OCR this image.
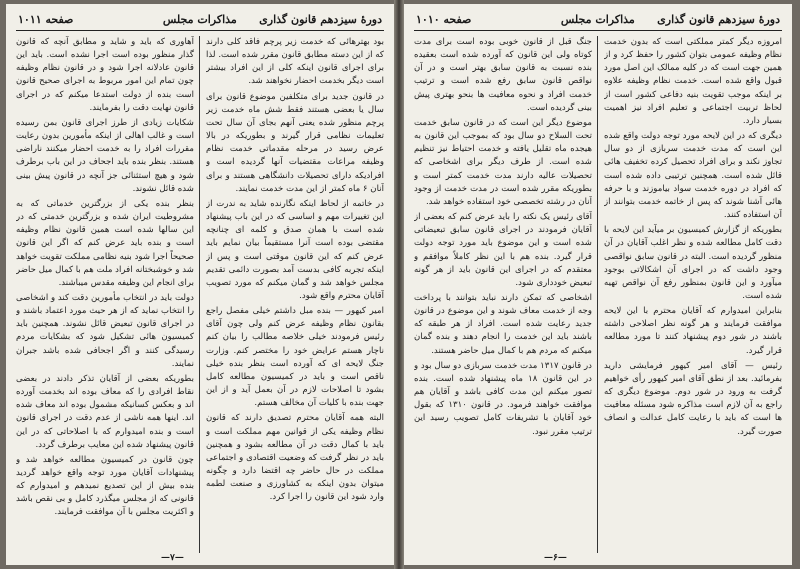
دورۀ سیزدهم قانون گذاری
مذاکرات مجلس
صفحه ۱۰۱۱

بود بهترهائی که خدمت زیر پرچم فاقد کلی دارند که از این دسته مطابق قانون مقرر شده است. لذا برای اجرای قانون اینکه کلی از این افراد بیشتر است دیگر بخدمت احضار نخواهند شد.

در قانون جدید برای متکلفین موضوع قانون برای سال یا بعضی هستند فقط شش ماه خدمت زیر پرچم منظور شده یعنی آنهم بجای آن سال تحت تعلیمات نظامی قرار گیرند و بطوریکه در بالا عرض رسید در مرحله مقدماتی خدمت نظام وظیفه مراعات مقتضیات آنها گردیده است و افرادیکه دارای تحصیلات دانشگاهی هستند و برای آنان ۶ ماه کمتر از این مدت خدمت نمایند.

در خاتمه از لحاظ اینکه نگارنده شاید به ندرت از این تغییرات مهم و اساسی که در این باب پیشنهاد شده است با همان صدق و کلمه ای چنانچه مقتضی بوده است آنرا مستقیماً بیان نمایم باید عرض کنم که این قانون موقتی است و پس از اینکه تجربه کافی بدست آمد بصورت دائمی تقدیم مجلس خواهد شد و گمان میکنم که مورد تصویب آقایان محترم واقع شود.

امیر کیهور — بنده مبل داشتم خیلی مفصل راجع بقانون نظام وظیفه عرض کنم ولی چون آقای رئیس فرمودند خیلی خلاصه مطالب را بیان کنم ناچار هستم عرایض خود را مختصر کنم. وزارت جنگ لایحه ای که آورده است بنظر بنده خیلی ناقص است و باید در کمیسیون مطالعه کامل بشود تا اصلاحات لازم در آن بعمل آید و از این جهت بنده با کلیات آن مخالف هستم.

البته همه آقایان محترم تصدیق دارند که قانون نظام وظیفه یکی از قوانین مهم مملکت است و باید با کمال دقت در آن مطالعه بشود و همچنین باید در نظر گرفت که وضعیت اقتصادی و اجتماعی مملکت در حال حاضر چه اقتضا دارد و چگونه میتوان بدون اینکه به کشاورزی و صنعت لطمه وارد شود این قانون را اجرا کرد.

آهاوری که باید و شاید و مطابق آنچه که قانون گذار منظور بوده است اجرا نشده است. باید این قانون عادلانه اجرا شود و در قانون نظام وظیفه چون تمام این امور مربوط به اجرای صحیح قانون است بنده از دولت استدعا میکنم که در اجرای قانون نهایت دقت را بفرمایند.

شکایات زیادی از طرز اجرای قانون بمن رسیده است و غالب اهالی از اینکه مأمورین بدون رعایت مقررات افراد را به خدمت احضار میکنند ناراضی هستند. بنظر بنده باید اجحاف در این باب برطرف شود و هیچ استثنائی جز آنچه در قانون پیش بینی شده قائل نشوند.

بنظر بنده یکی از بزرگترین خدماتی که به مشروطیت ایران شده و بزرگترین خدمتی که در این سالها شده است همین قانون نظام وظیفه است و بنده باید عرض کنم که اگر این قانون صحیحاً اجرا شود بنیه نظامی مملکت تقویت خواهد شد و خوشبختانه افراد ملت هم با کمال میل حاضر برای انجام این وظیفه مقدس میباشند.

دولت باید در انتخاب مأمورین دقت کند و اشخاصی را انتخاب نماید که از هر حیث مورد اعتماد باشند و در اجرای قانون تبعیض قائل نشوند. همچنین باید کمیسیون هائی تشکیل شود که بشکایات مردم رسیدگی کنند و اگر اجحافی شده باشد جبران نمایند.

بطوریکه بعضی از آقایان تذکر دادند در بعضی نقاط افرادی را که معاف بوده اند بخدمت آورده اند و بعکس کسانیکه مشمول بوده اند معاف شده اند. اینها همه ناشی از عدم دقت در اجرای قانون است و بنده امیدوارم که با اصلاحاتی که در این قانون پیشنهاد شده این معایب برطرف گردد.

چون قانون در کمیسیون مطالعه خواهد شد و پیشنهادات آقایان مورد توجه واقع خواهد گردید بنده بیش از این تصدیع نمیدهم و امیدوارم که قانونی که از مجلس میگذرد کامل و بی نقص باشد و اکثریت مجلس با آن موافقت فرمایند.

—۷—
دورۀ سیزدهم قانون گذاری
مذاکرات مجلس
صفحه ۱۰۱۰

امروزه دیگر کمتر مملکتی است که بدون خدمت نظام وظیفه عمومی بتوان کشور را حفظ کرد و از همین جهت است که در کلیه ممالک این اصل مورد قبول واقع شده است. خدمت نظام وظیفه علاوه بر اینکه موجب تقویت بنیه دفاعی کشور است از لحاظ تربیت اجتماعی و تعلیم افراد نیز اهمیت بسیار دارد.

دیگری که در این لایحه مورد توجه دولت واقع شده این است که مدت خدمت سربازی از دو سال تجاوز نکند و برای افراد تحصیل کرده تخفیف هائی قائل شده است. همچنین ترتیبی داده شده است که افراد در دوره خدمت سواد بیاموزند و با حرفه هائی آشنا شوند که پس از خاتمه خدمت بتوانند از آن استفاده کنند.

بطوریکه از گزارش کمیسیون بر میآید این لایحه با دقت کامل مطالعه شده و نظر اغلب آقایان در آن منظور گردیده است. البته در قانون سابق نواقصی وجود داشت که در اجرای آن اشکالاتی بوجود میآورد و این قانون بمنظور رفع آن نواقص تهیه شده است.

بنابراین امیدوارم که آقایان محترم با این لایحه موافقت فرمایند و هر گونه نظر اصلاحی داشته باشند در شور دوم پیشنهاد کنند تا مورد مطالعه قرار گیرد.

رئیس — آقای امیر کیهور فرمایشی دارید بفرمائید. بعد از نطق آقای امیر کیهور رأی خواهیم گرفت به ورود در شور دوم. موضوع دیگری که راجع به آن لازم است مذاکره شود مسئله معافیت ها است که باید با رعایت کامل عدالت و انصاف صورت گیرد.

جنگ قبل از قانون خوبی بوده است برای مدت کوتاه ولی این قانون که آورده شده است بعقیده بنده نسبت به قانون سابق بهتر است و در آن نواقص قانون سابق رفع شده است و ترتیب خدمت افراد و نحوه معافیت ها بنحو بهتری پیش بینی گردیده است.

موضوع دیگر این است که در قانون سابق خدمت تحت السلاح دو سال بود که بموجب این قانون به هیجده ماه تقلیل یافته و خدمت احتیاط نیز تنظیم شده است. از طرف دیگر برای اشخاصی که تحصیلات عالیه دارند مدت خدمت کمتر است و بطوریکه مقرر شده است در مدت خدمت از وجود آنان در رشته تخصصی خود استفاده خواهد شد.

آقای رئیس یک نکته را باید عرض کنم که بعضی از آقایان فرمودند در اجرای قانون سابق تبعیضاتی شده است و این موضوع باید مورد توجه دولت قرار گیرد. بنده هم با این نظر کاملاً موافقم و معتقدم که در اجرای این قانون باید از هر گونه تبعیض خودداری شود.

اشخاصی که تمکن دارند نباید بتوانند با پرداخت وجه از خدمت معاف شوند و این موضوع در قانون جدید رعایت شده است. افراد از هر طبقه که باشند باید این خدمت را انجام دهند و بنده گمان میکنم که مردم هم با کمال میل حاضر هستند.

در قانون ۱۳۱۷ مدت خدمت سربازی دو سال بود و در این قانون ۱۸ ماه پیشنهاد شده است. بنده تصور میکنم این مدت کافی باشد و آقایان هم موافقت خواهند فرمود. در قانون ۱۳۱۰ که بقول خود آقایان با تشریفات کامل تصویب رسید این ترتیب مقرر نبود.

—۶—
